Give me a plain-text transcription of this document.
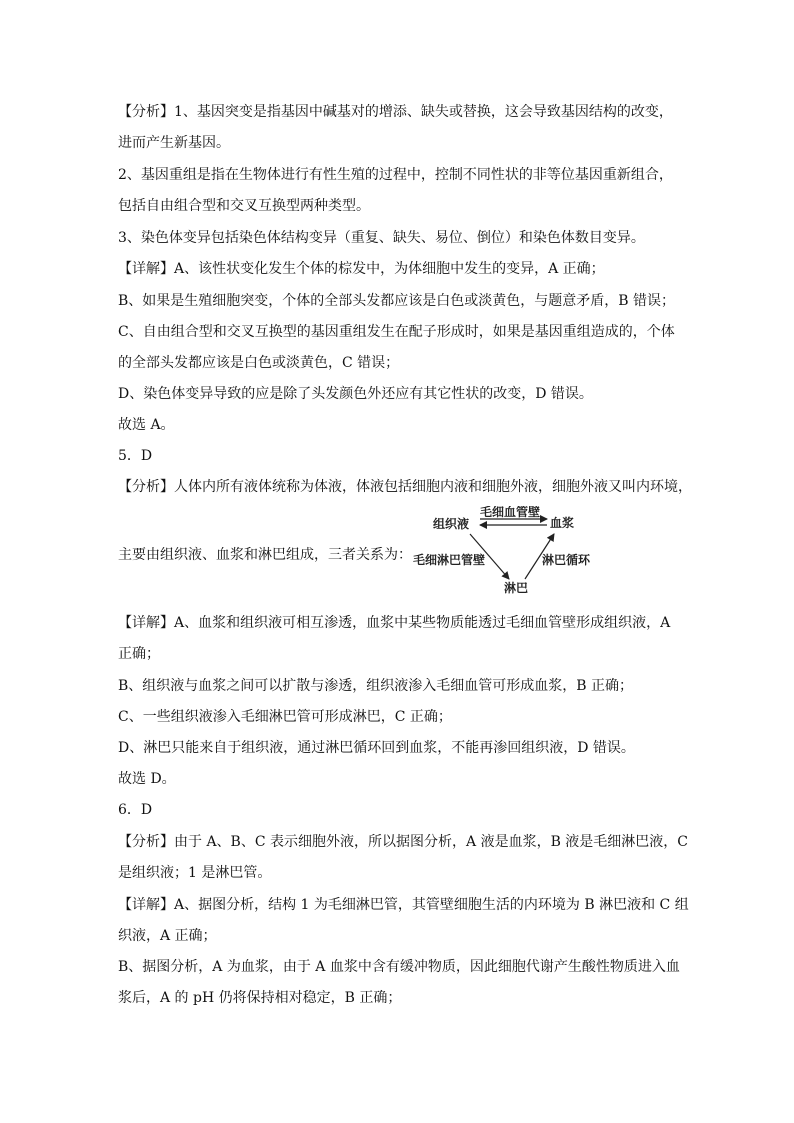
【分析】1、基因突变是指基因中碱基对的增添、缺失或替换，这会导致基因结构的改变，
进而产生新基因。
2、基因重组是指在生物体进行有性生殖的过程中，控制不同性状的非等位基因重新组合，
包括自由组合型和交叉互换型两种类型。
3、染色体变异包括染色体结构变异（重复、缺失、易位、倒位）和染色体数目变异。
【详解】A、该性状变化发生个体的棕发中，为体细胞中发生的变异，A 正确；
B、如果是生殖细胞突变，个体的全部头发都应该是白色或淡黄色，与题意矛盾，B 错误；
C、自由组合型和交叉互换型的基因重组发生在配子形成时，如果是基因重组造成的，个体
的全部头发都应该是白色或淡黄色，C 错误；
D、染色体变异导致的应是除了头发颜色外还应有其它性状的改变，D 错误。
故选 A。
5．D
【分析】人体内所有液体统称为体液，体液包括细胞内液和细胞外液，细胞外液又叫内环境，
主要由组织液、血浆和淋巴组成，三者关系为：
组织液	血浆
淋巴
毛细血管壁
毛细淋巴管壁	淋巴循环
【详解】A、血浆和组织液可相互渗透，血浆中某些物质能透过毛细血管壁形成组织液，A
正确；
B、组织液与血浆之间可以扩散与渗透，组织液渗入毛细血管可形成血浆，B 正确；
C、一些组织液渗入毛细淋巴管可形成淋巴，C 正确；
D、淋巴只能来自于组织液，通过淋巴循环回到血浆，不能再渗回组织液，D 错误。
故选 D。
6．D
【分析】由于 A、B、C 表示细胞外液，所以据图分析，A 液是血浆，B 液是毛细淋巴液，C
是组织液；1 是淋巴管。
【详解】A、据图分析，结构 1 为毛细淋巴管，其管壁细胞生活的内环境为 B 淋巴液和 C 组
织液，A 正确；
B、据图分析，A 为血浆，由于 A 血浆中含有缓冲物质，因此细胞代谢产生酸性物质进入血
浆后，A 的 pH 仍将保持相对稳定，B 正确；
